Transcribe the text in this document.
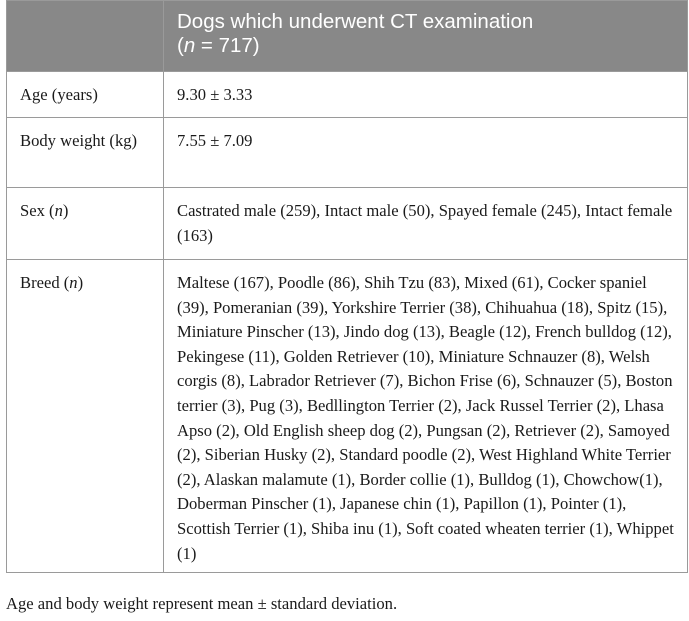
	Dogs which underwent CT examination
(n = 717)
Age (years)	9.30 ± 3.33
Body weight (kg)	7.55 ± 7.09
Sex (n)	Castrated male (259), Intact male (50), Spayed female (245), Intact female (163)
Breed (n)	Maltese (167), Poodle (86), Shih Tzu (83), Mixed (61), Cocker spaniel (39), Pomeranian (39), Yorkshire Terrier (38), Chihuahua (18), Spitz (15), Miniature Pinscher (13), Jindo dog (13), Beagle (12), French bulldog (12), Pekingese (11), Golden Retriever (10), Miniature Schnauzer (8), Welsh corgis (8), Labrador Retriever (7), Bichon Frise (6), Schnauzer (5), Boston terrier (3), Pug (3), Bedllington Terrier (2), Jack Russel Terrier (2), Lhasa Apso (2), Old English sheep dog (2), Pungsan (2), Retriever (2), Samoyed (2), Siberian Husky (2), Standard poodle (2), West Highland White Terrier (2), Alaskan malamute (1), Border collie (1), Bulldog (1), Chowchow(1), Doberman Pinscher (1), Japanese chin (1), Papillon (1), Pointer (1), Scottish Terrier (1), Shiba inu (1), Soft coated wheaten terrier (1), Whippet (1)
Age and body weight represent mean ± standard deviation.
